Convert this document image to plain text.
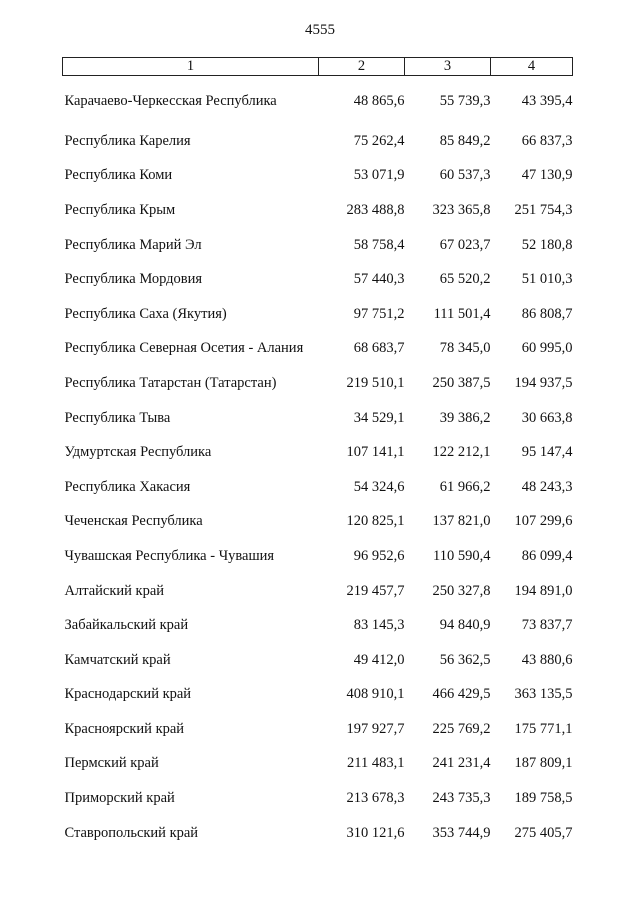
4555
1	2	3	4
Карачаево-Черкесская Республика	48 865,6	55 739,3	43 395,4
Республика Карелия	75 262,4	85 849,2	66 837,3
Республика Коми	53 071,9	60 537,3	47 130,9
Республика Крым	283 488,8	323 365,8	251 754,3
Республика Марий Эл	58 758,4	67 023,7	52 180,8
Республика Мордовия	57 440,3	65 520,2	51 010,3
Республика Саха (Якутия)	97 751,2	111 501,4	86 808,7
Республика Северная Осетия - Алания	68 683,7	78 345,0	60 995,0
Республика Татарстан (Татарстан)	219 510,1	250 387,5	194 937,5
Республика Тыва	34 529,1	39 386,2	30 663,8
Удмуртская Республика	107 141,1	122 212,1	95 147,4
Республика Хакасия	54 324,6	61 966,2	48 243,3
Чеченская Республика	120 825,1	137 821,0	107 299,6
Чувашская Республика - Чувашия	96 952,6	110 590,4	86 099,4
Алтайский край	219 457,7	250 327,8	194 891,0
Забайкальский край	83 145,3	94 840,9	73 837,7
Камчатский край	49 412,0	56 362,5	43 880,6
Краснодарский край	408 910,1	466 429,5	363 135,5
Красноярский край	197 927,7	225 769,2	175 771,1
Пермский край	211 483,1	241 231,4	187 809,1
Приморский край	213 678,3	243 735,3	189 758,5
Ставропольский край	310 121,6	353 744,9	275 405,7
